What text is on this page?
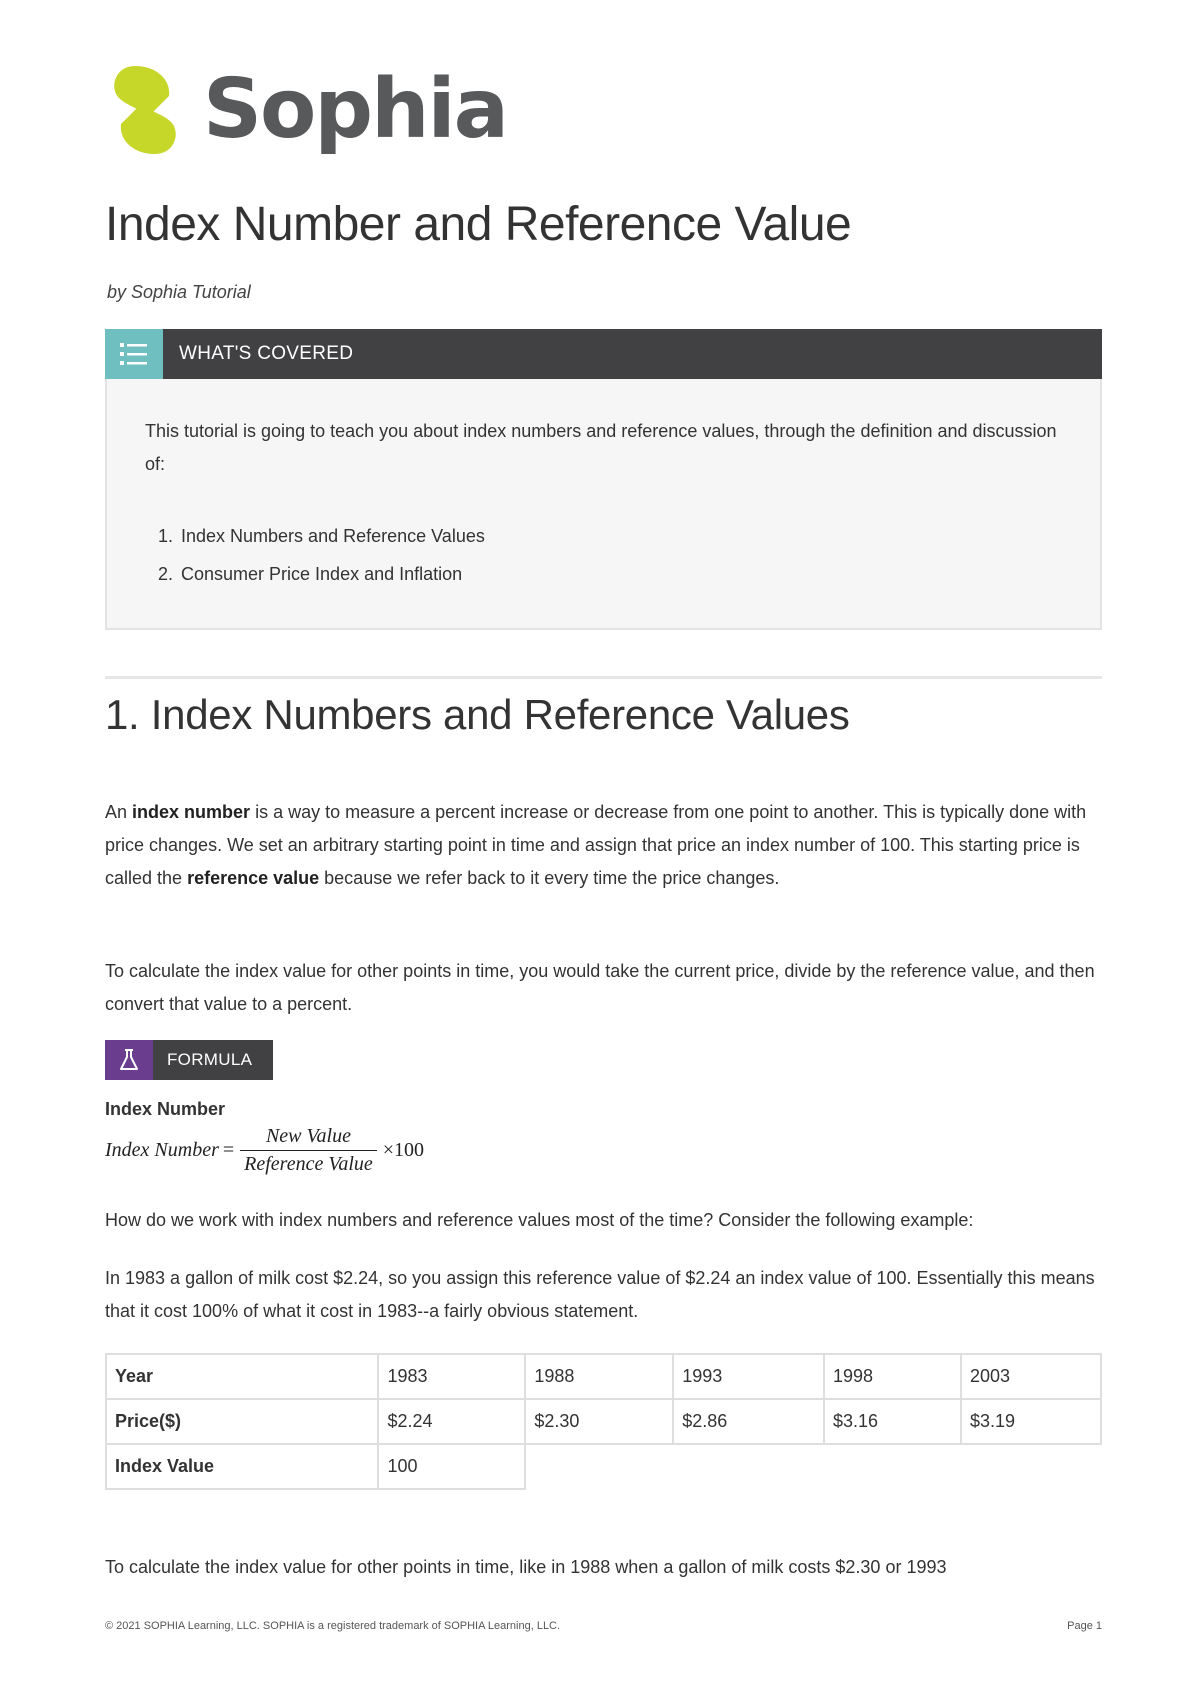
Sophia
Index Number and Reference Value
by Sophia Tutorial
WHAT'S COVERED
This tutorial is going to teach you about index numbers and reference values, through the definition and discussion of:
1. Index Numbers and Reference Values
2. Consumer Price Index and Inflation
1. Index Numbers and Reference Values

An index number is a way to measure a percent increase or decrease from one point to another. This is typically done with price changes. We set an arbitrary starting point in time and assign that price an index number of 100. This starting price is called the reference value because we refer back to it every time the price changes.

To calculate the index value for other points in time, you would take the current price, divide by the reference value, and then convert that value to a percent.

FORMULA
Index Number
Index Number = $\frac{\text{New Value}}{\text{Reference Value}} \times 100$

How do we work with index numbers and reference values most of the time? Consider the following example:

In 1983 a gallon of milk cost $2.24, so you assign this reference value of $2.24 an index value of 100. Essentially this means that it cost 100% of what it cost in 1983--a fairly obvious statement.

Year	1983	1988	1993	1998	2003
Price($)	$2.24	$2.30	$2.86	$3.16	$3.19
Index Value	100				

To calculate the index value for other points in time, like in 1988 when a gallon of milk costs $2.30 or 1993

© 2021 SOPHIA Learning, LLC. SOPHIA is a registered trademark of SOPHIA Learning, LLC.	Page 1
